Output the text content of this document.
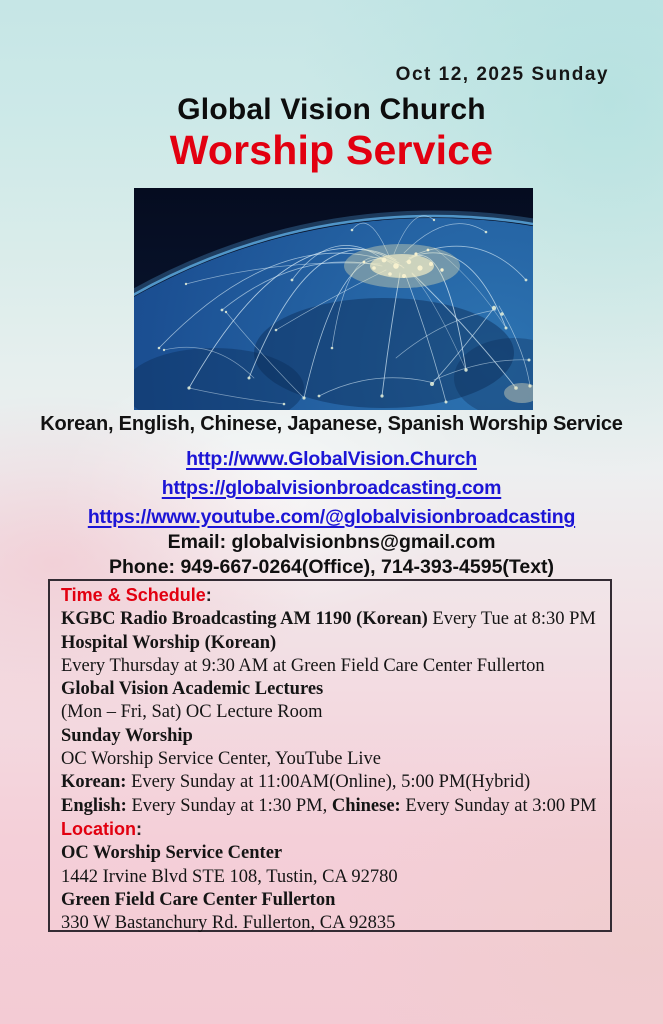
Oct 12, 2025 Sunday
Global Vision Church
Worship Service
Korean, English, Chinese, Japanese, Spanish Worship Service
http://www.GlobalVision.Church
https://globalvisionbroadcasting.com
https://www.youtube.com/@globalvisionbroadcasting
Email: globalvisionbns@gmail.com
Phone: 949-667-0264(Office), 714-393-4595(Text)
Time & Schedule:
KGBC Radio Broadcasting AM 1190 (Korean) Every Tue at 8:30 PM
Hospital Worship (Korean)
Every Thursday at 9:30 AM at Green Field Care Center Fullerton
Global Vision Academic Lectures
(Mon – Fri, Sat) OC Lecture Room
Sunday Worship
OC Worship Service Center, YouTube Live
Korean: Every Sunday at 11:00AM(Online), 5:00 PM(Hybrid)
English: Every Sunday at 1:30 PM, Chinese: Every Sunday at 3:00 PM
Location:
OC Worship Service Center
1442 Irvine Blvd STE 108, Tustin, CA 92780
Green Field Care Center Fullerton
330 W Bastanchury Rd. Fullerton, CA 92835
